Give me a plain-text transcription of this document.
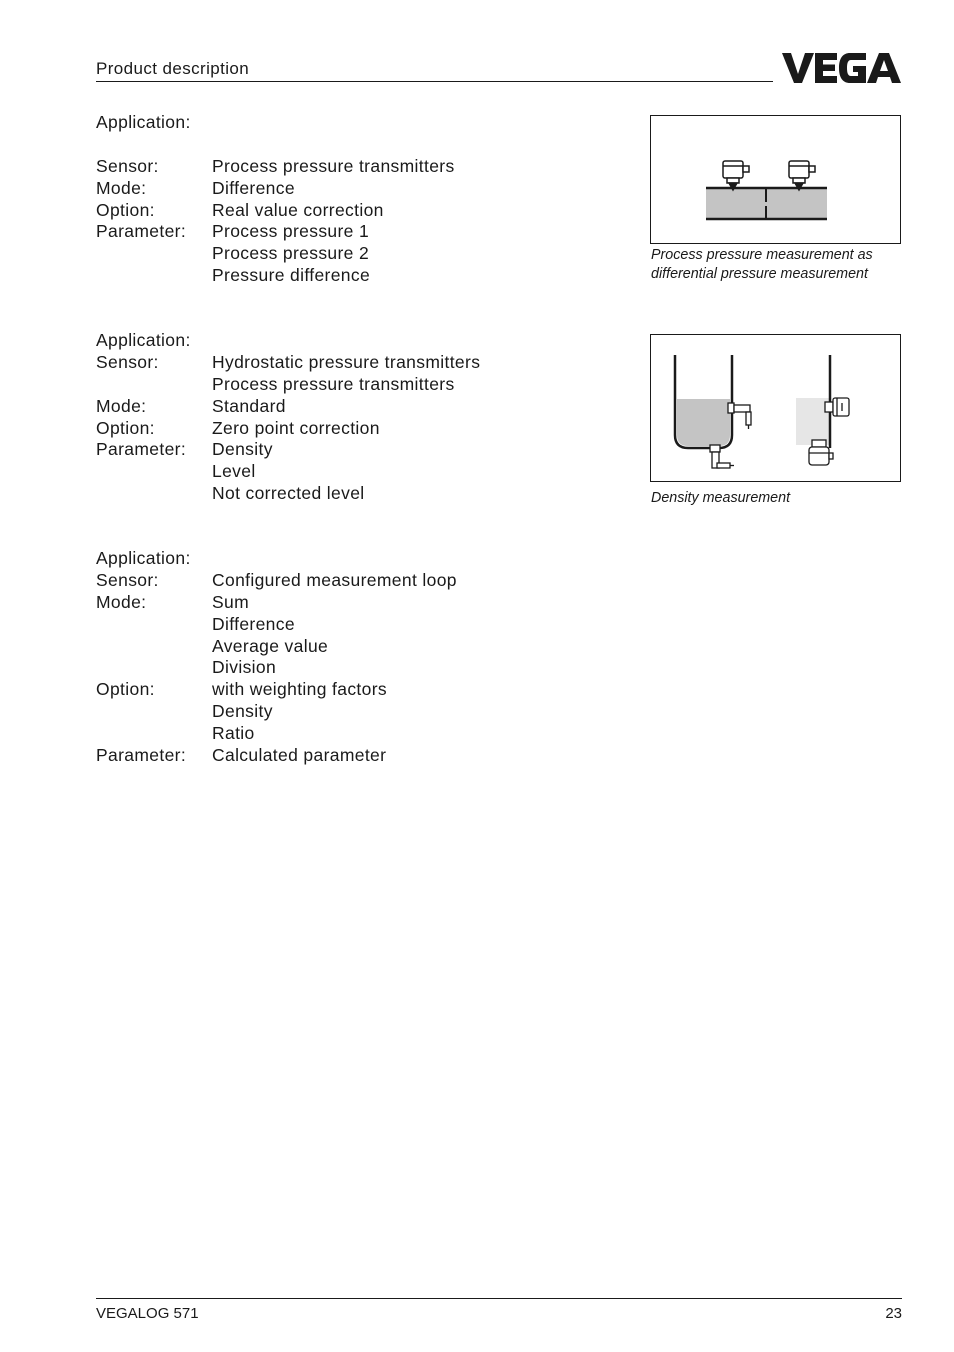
Product description
Application:
Sensor:	Process pressure transmitters
Mode:	Difference
Option:	Real value correction
Parameter:	Process pressure 1
Process pressure 2
Pressure difference
Application:
Sensor:	Hydrostatic pressure transmitters
Process pressure transmitters
Mode:	Standard
Option:	Zero point correction
Parameter:	Density
Level
Not corrected level
Application:
Sensor:	Configured measurement loop
Mode:	Sum
Difference
Average value
Division
Option:	with weighting factors
Density
Ratio
Parameter:	Calculated parameter
Process pressure measurement as
differential pressure measurement
Density measurement
VEGALOG 571	23
